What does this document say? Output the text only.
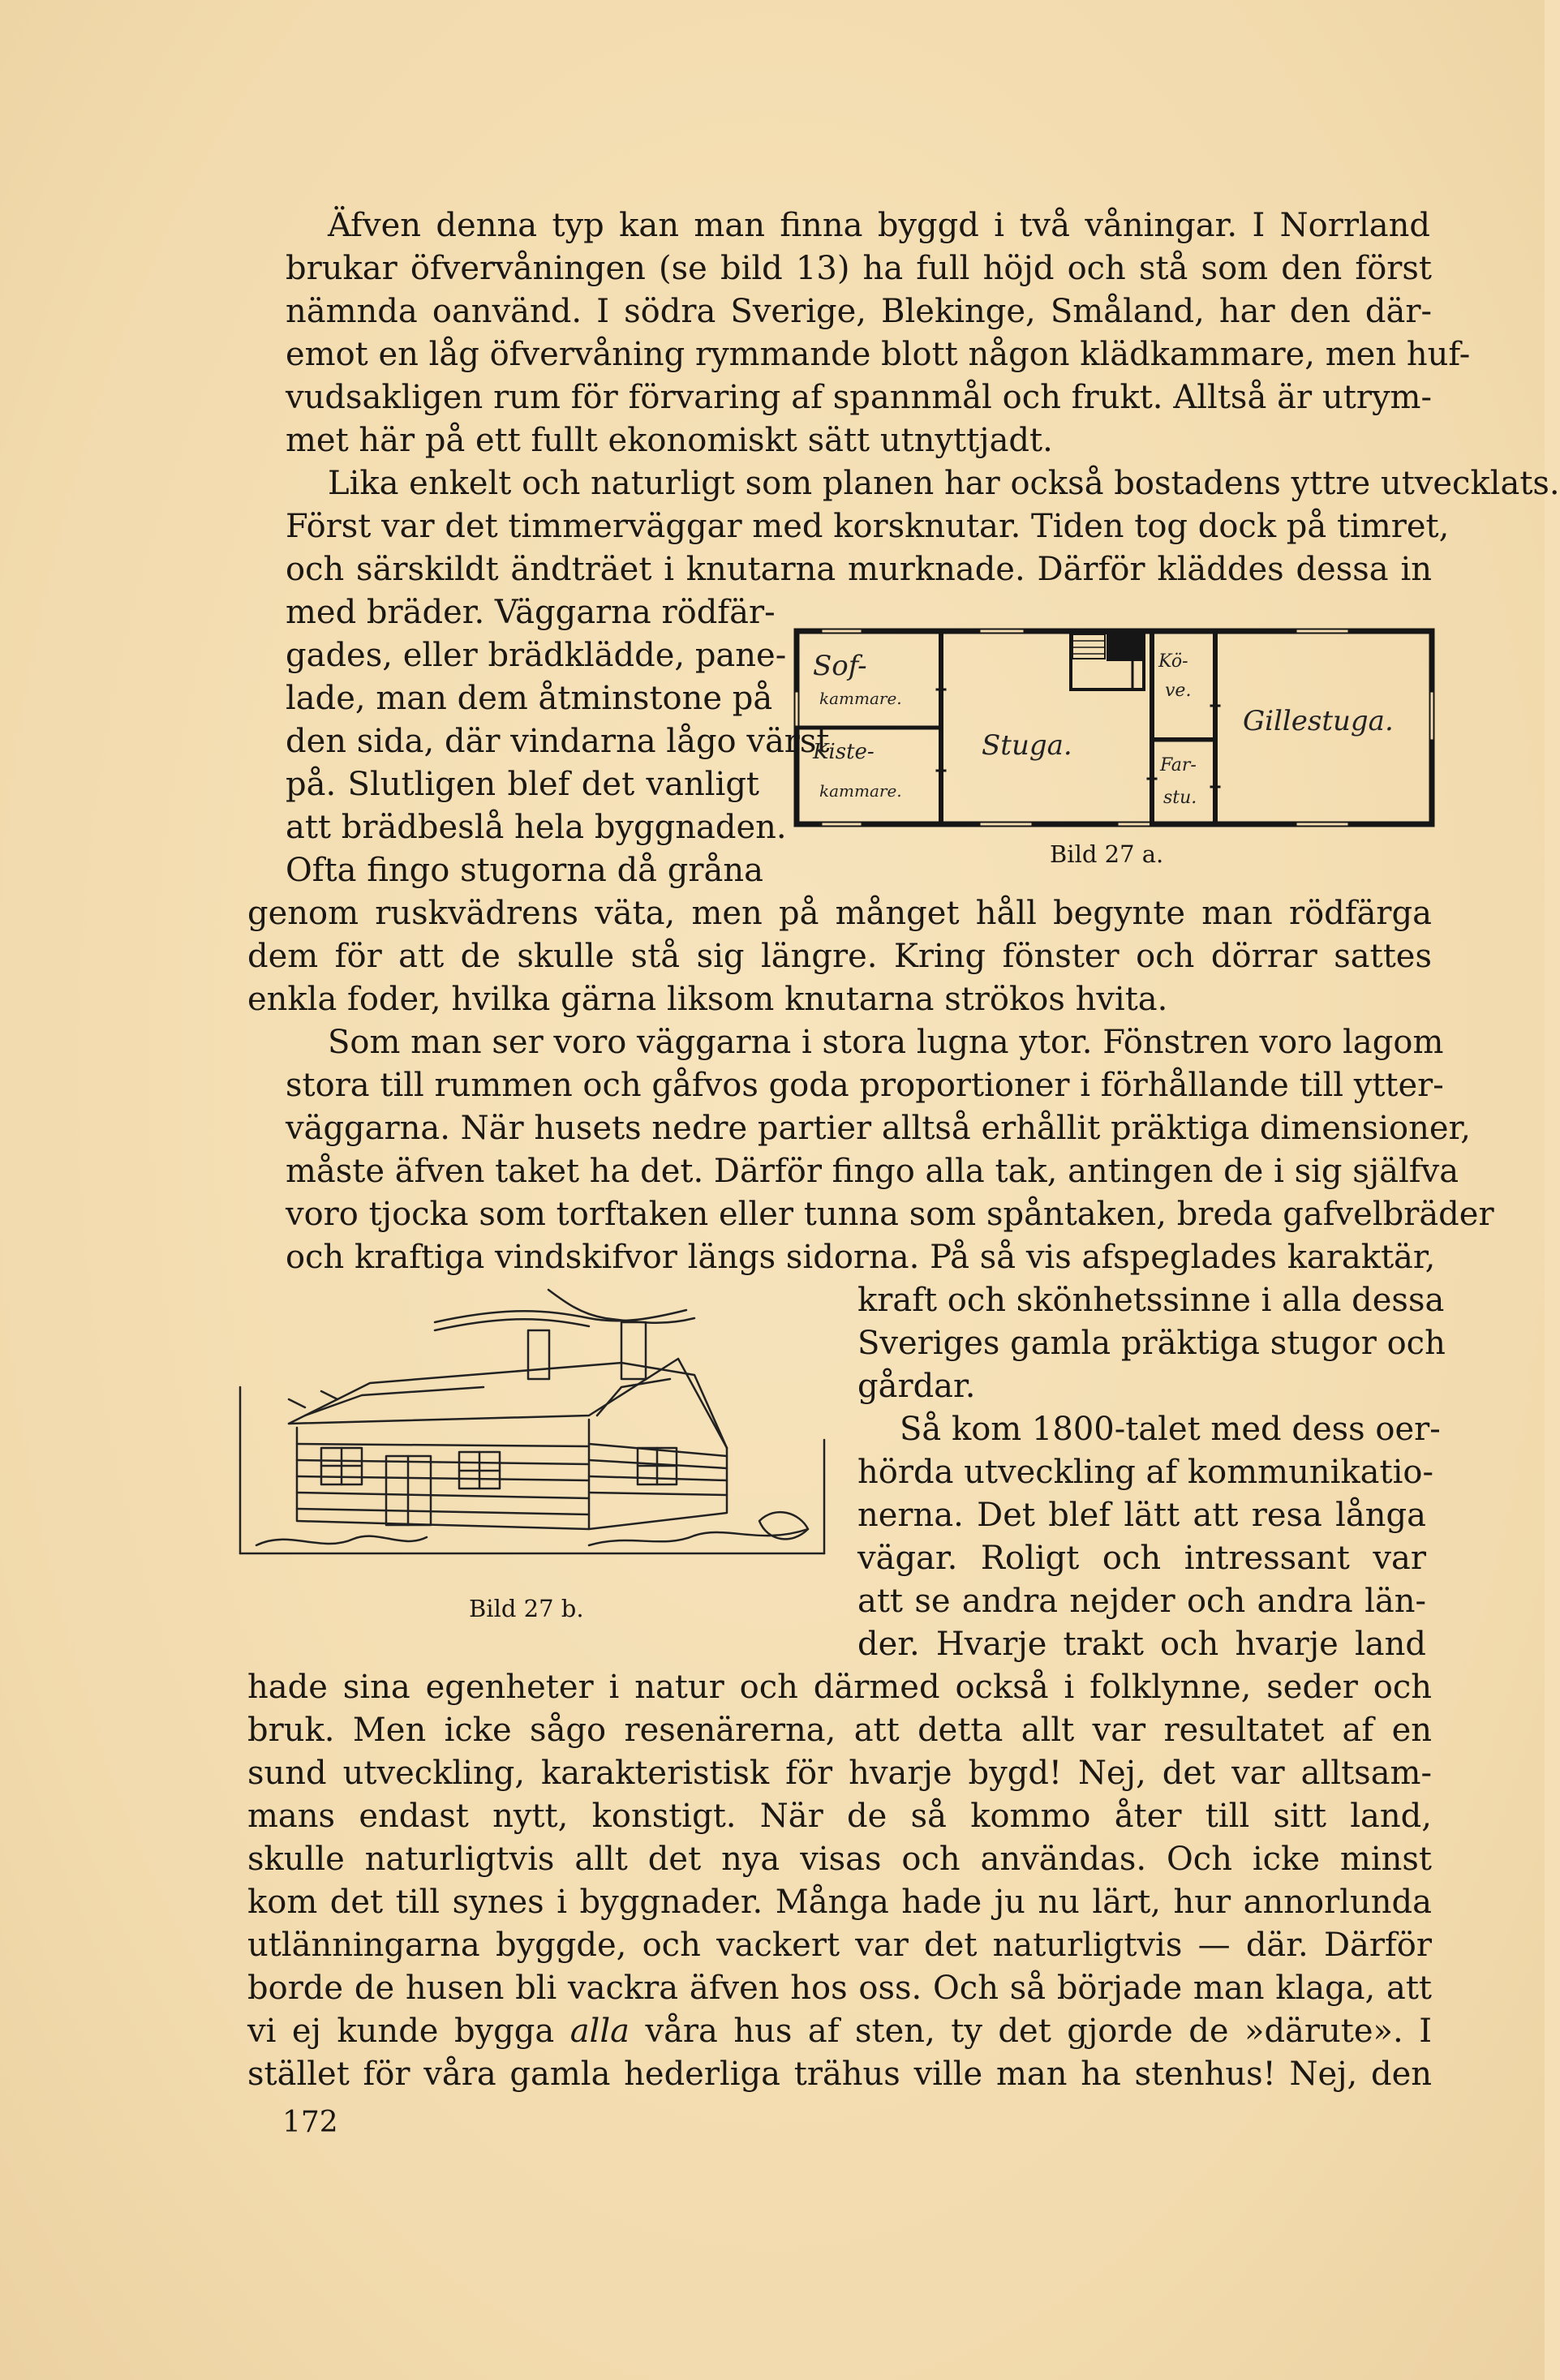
Äfven denna typ kan man finna byggd i två våningar. I Norrland
brukar öfvervåningen (se bild 13) ha full höjd och stå som den först
nämnda oanvänd. I södra Sverige, Blekinge, Småland, har den där-
emot en låg öfvervåning rymmande blott någon klädkammare, men huf-
vudsakligen rum för förvaring af spannmål och frukt. Alltså är utrym-
met här på ett fullt ekonomiskt sätt utnyttjadt.
Lika enkelt och naturligt som planen har också bostadens yttre utvecklats.
Först var det timmerväggar med korsknutar. Tiden tog dock på timret,
och särskildt ändträet i knutarna murknade. Därför kläddes dessa in
med bräder. Väggarna rödfär-
gades, eller brädklädde, pane-
lade, man dem åtminstone på
den sida, där vindarna lågo värst
på. Slutligen blef det vanligt
att brädbeslå hela byggnaden.
Ofta fingo stugorna då gråna
genom ruskvädrens väta, men på månget håll begynte man rödfärga
dem för att de skulle stå sig längre. Kring fönster och dörrar sattes
enkla foder, hvilka gärna liksom knutarna strökos hvita.
Som man ser voro väggarna i stora lugna ytor. Fönstren voro lagom
stora till rummen och gåfvos goda proportioner i förhållande till ytter-
väggarna. När husets nedre partier alltså erhållit präktiga dimensioner,
måste äfven taket ha det. Därför fingo alla tak, antingen de i sig själfva
voro tjocka som torftaken eller tunna som spåntaken, breda gafvelbräder
och kraftiga vindskifvor längs sidorna. På så vis afspeglades karaktär,
kraft och skönhetssinne i alla dessa
Sveriges gamla präktiga stugor och
gårdar.
Så kom 1800-talet med dess oer-
hörda utveckling af kommunikatio-
nerna. Det blef lätt att resa långa
vägar. Roligt och intressant var
att se andra nejder och andra län-
der. Hvarje trakt och hvarje land
hade sina egenheter i natur och därmed också i folklynne, seder och
bruk. Men icke sågo resenärerna, att detta allt var resultatet af en
sund utveckling, karakteristisk för hvarje bygd! Nej, det var alltsam-
mans endast nytt, konstigt. När de så kommo åter till sitt land,
skulle naturligtvis allt det nya visas och användas. Och icke minst
kom det till synes i byggnader. Många hade ju nu lärt, hur annorlunda
utlänningarna byggde, och vackert var det naturligtvis — där. Därför
borde de husen bli vackra äfven hos oss. Och så började man klaga, att
vi ej kunde bygga alla våra hus af sten, ty det gjorde de »därute». I
stället för våra gamla hederliga trähus ville man ha stenhus! Nej, den
Sof-
kammare.
Kiste-
kammare.
Stuga.
Kö-
ve.
Far-
stu.
Gillestuga.
Bild 27 a.
Bild 27 b.
172
